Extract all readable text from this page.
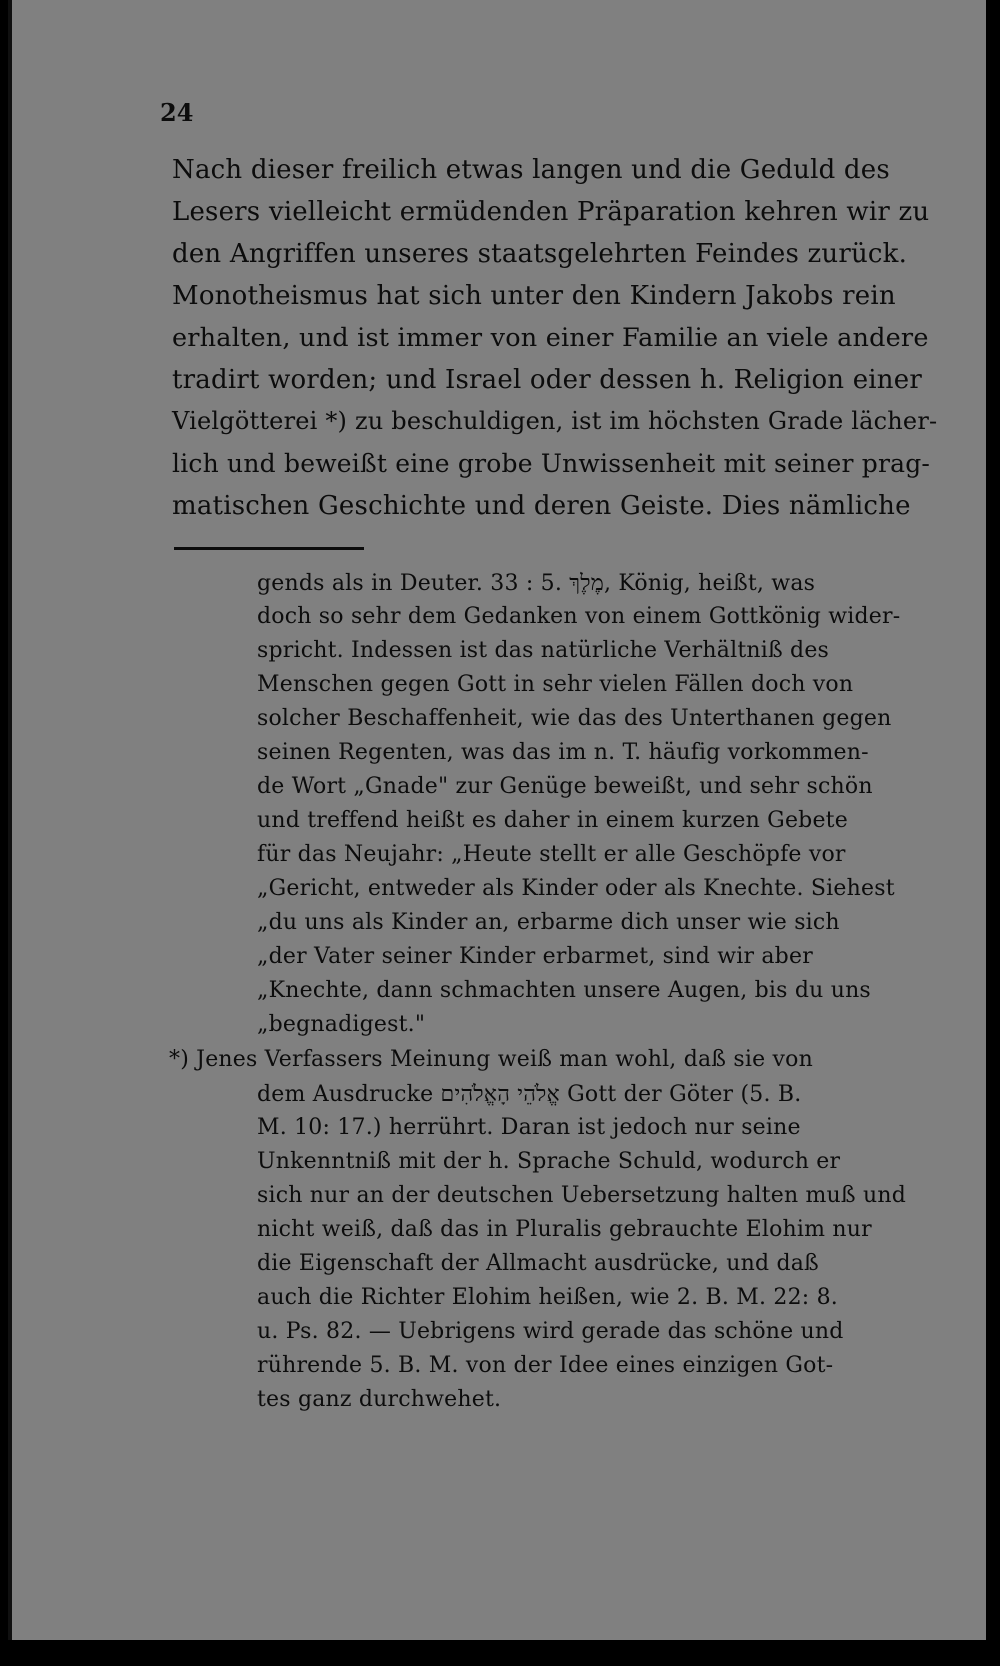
24
Nach dieser freilich etwas langen und die Geduld des
Lesers vielleicht ermüdenden Präparation kehren wir zu
den Angriffen unseres staatsgelehrten Feindes zurück.
Monotheismus hat sich unter den Kindern Jakobs rein
erhalten, und ist immer von einer Familie an viele andere
tradirt worden; und Israel oder dessen h. Religion einer
Vielgötterei *) zu beschuldigen, ist im höchsten Grade lächer-
lich und beweißt eine grobe Unwissenheit mit seiner prag-
matischen Geschichte und deren Geiste. Dies nämliche
gends als in Deuter. 33 : 5. מֶלֶךְ, König, heißt, was
doch so sehr dem Gedanken von einem Gottkönig wider-
spricht. Indessen ist das natürliche Verhältniß des
Menschen gegen Gott in sehr vielen Fällen doch von
solcher Beschaffenheit, wie das des Unterthanen gegen
seinen Regenten, was das im n. T. häufig vorkommen-
de Wort „Gnade" zur Genüge beweißt, und sehr schön
und treffend heißt es daher in einem kurzen Gebete
für das Neujahr: „Heute stellt er alle Geschöpfe vor
„Gericht, entweder als Kinder oder als Knechte. Siehest
„du uns als Kinder an, erbarme dich unser wie sich
„der Vater seiner Kinder erbarmet, sind wir aber
„Knechte, dann schmachten unsere Augen, bis du uns
„begnadigest."
*) Jenes Verfassers Meinung weiß man wohl, daß sie von
dem Ausdrucke אֱלֹהֵי הָאֱלֹהִים Gott der Göter (5. B.
M. 10: 17.) herrührt. Daran ist jedoch nur seine
Unkenntniß mit der h. Sprache Schuld, wodurch er
sich nur an der deutschen Uebersetzung halten muß und
nicht weiß, daß das in Pluralis gebrauchte Elohim nur
die Eigenschaft der Allmacht ausdrücke, und daß
auch die Richter Elohim heißen, wie 2. B. M. 22: 8.
u. Ps. 82. — Uebrigens wird gerade das schöne und
rührende 5. B. M. von der Idee eines einzigen Got-
tes ganz durchwehet.
